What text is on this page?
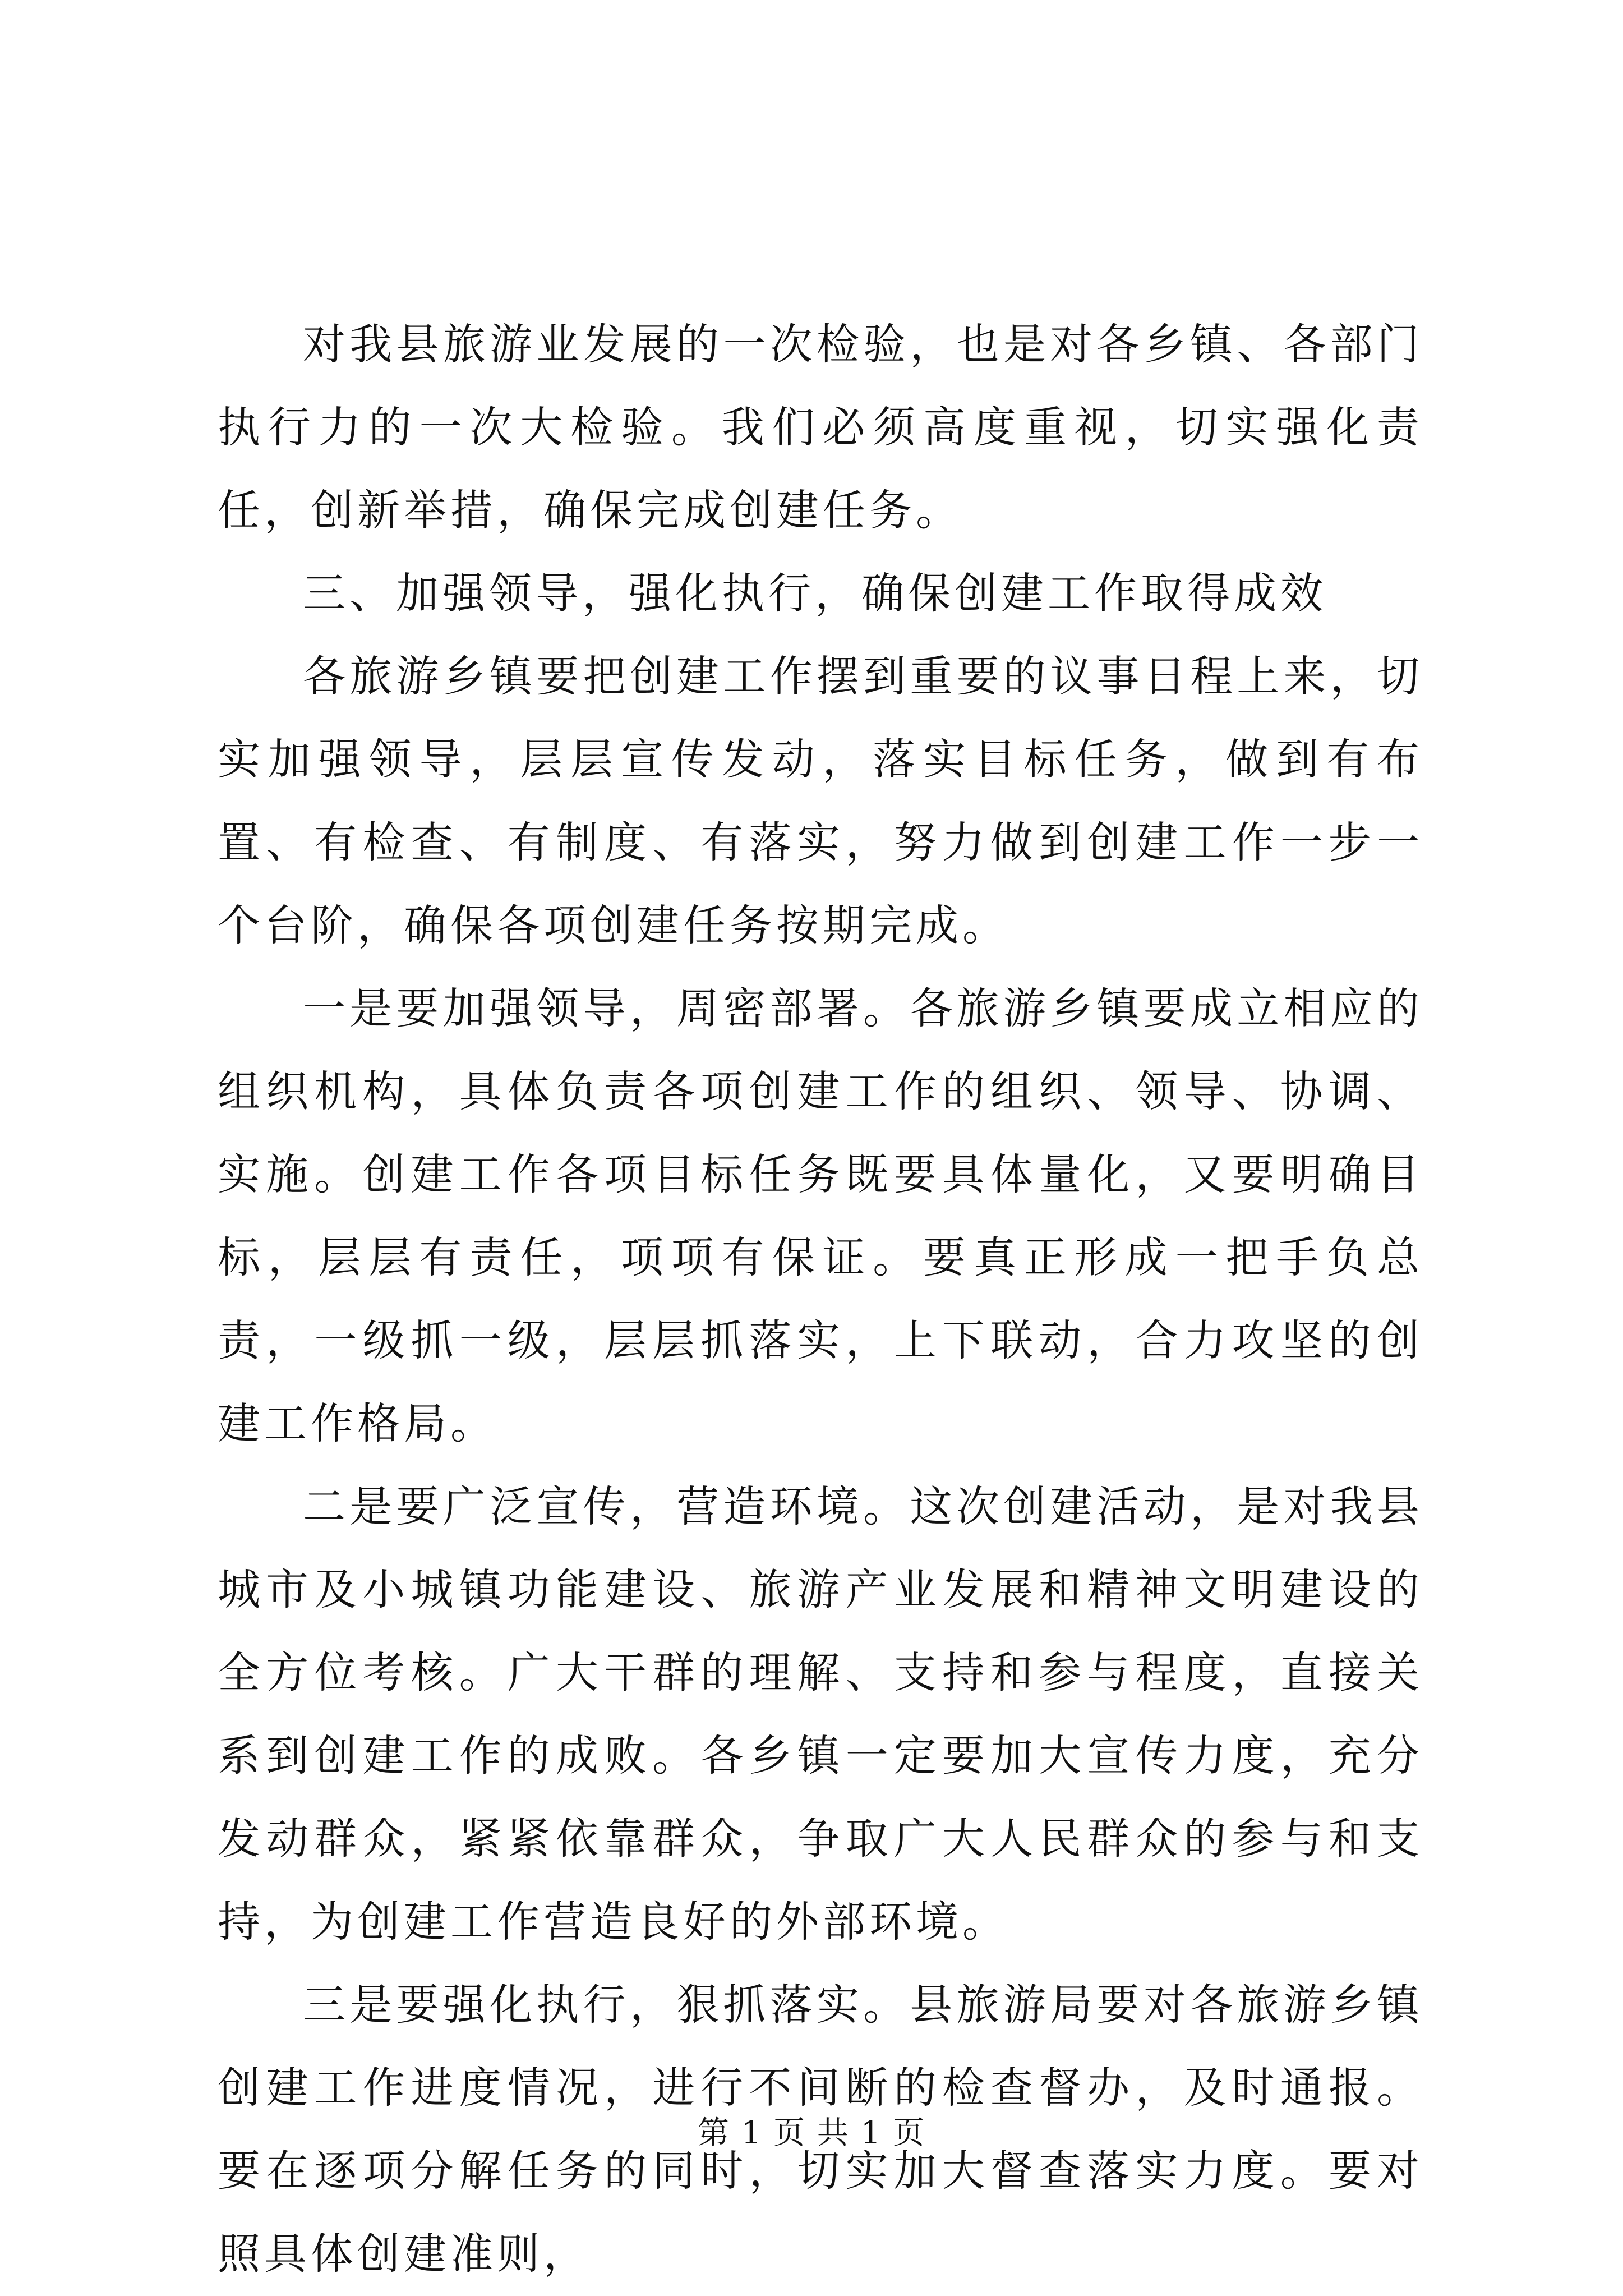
对我县旅游业发展的一次检验，也是对各乡镇、各部门执行力的一次大检验。我们必须高度重视，切实强化责任，创新举措，确保完成创建任务。

三、加强领导，强化执行，确保创建工作取得成效

各旅游乡镇要把创建工作摆到重要的议事日程上来，切实加强领导，层层宣传发动，落实目标任务，做到有布置、有检查、有制度、有落实，努力做到创建工作一步一个台阶，确保各项创建任务按期完成。

一是要加强领导，周密部署。各旅游乡镇要成立相应的组织机构，具体负责各项创建工作的组织、领导、协调、实施。创建工作各项目标任务既要具体量化，又要明确目标，层层有责任，项项有保证。要真正形成一把手负总责，一级抓一级，层层抓落实，上下联动，合力攻坚的创建工作格局。

二是要广泛宣传，营造环境。这次创建活动，是对我县城市及小城镇功能建设、旅游产业发展和精神文明建设的全方位考核。广大干群的理解、支持和参与程度，直接关系到创建工作的成败。各乡镇一定要加大宣传力度，充分发动群众，紧紧依靠群众，争取广大人民群众的参与和支持，为创建工作营造良好的外部环境。

三是要强化执行，狠抓落实。县旅游局要对各旅游乡镇创建工作进度情况，进行不间断的检查督办，及时通报。要在逐项分解任务的同时，切实加大督查落实力度。要对照具体创建准则，

第 1 页 共 1 页
